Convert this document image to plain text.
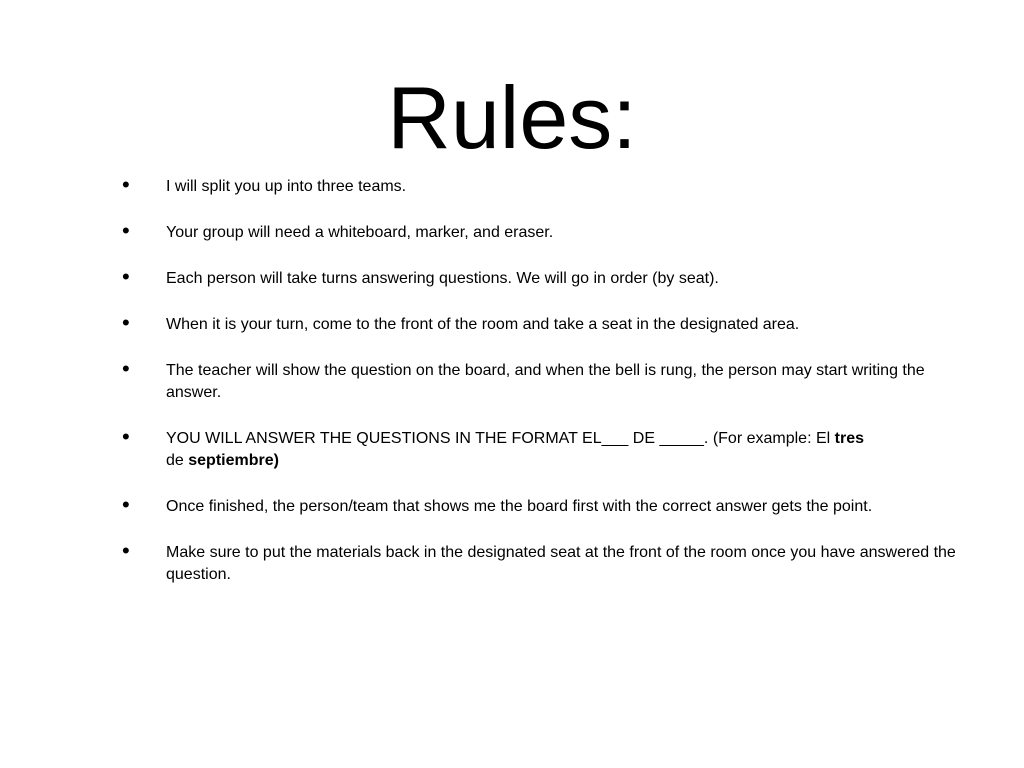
Rules:
• I will split you up into three teams.
• Your group will need a whiteboard, marker, and eraser.
• Each person will take turns answering questions. We will go in order (by seat).
• When it is your turn, come to the front of the room and take a seat in the designated area.
• The teacher will show the question on the board, and when the bell is rung, the person may start writing the answer.
• YOU WILL ANSWER THE QUESTIONS IN THE FORMAT EL___ DE _____. (For example: El tres
de septiembre)
• Once finished, the person/team that shows me the board first with the correct answer gets the point.
• Make sure to put the materials back in the designated seat at the front of the room once you have answered the question.
